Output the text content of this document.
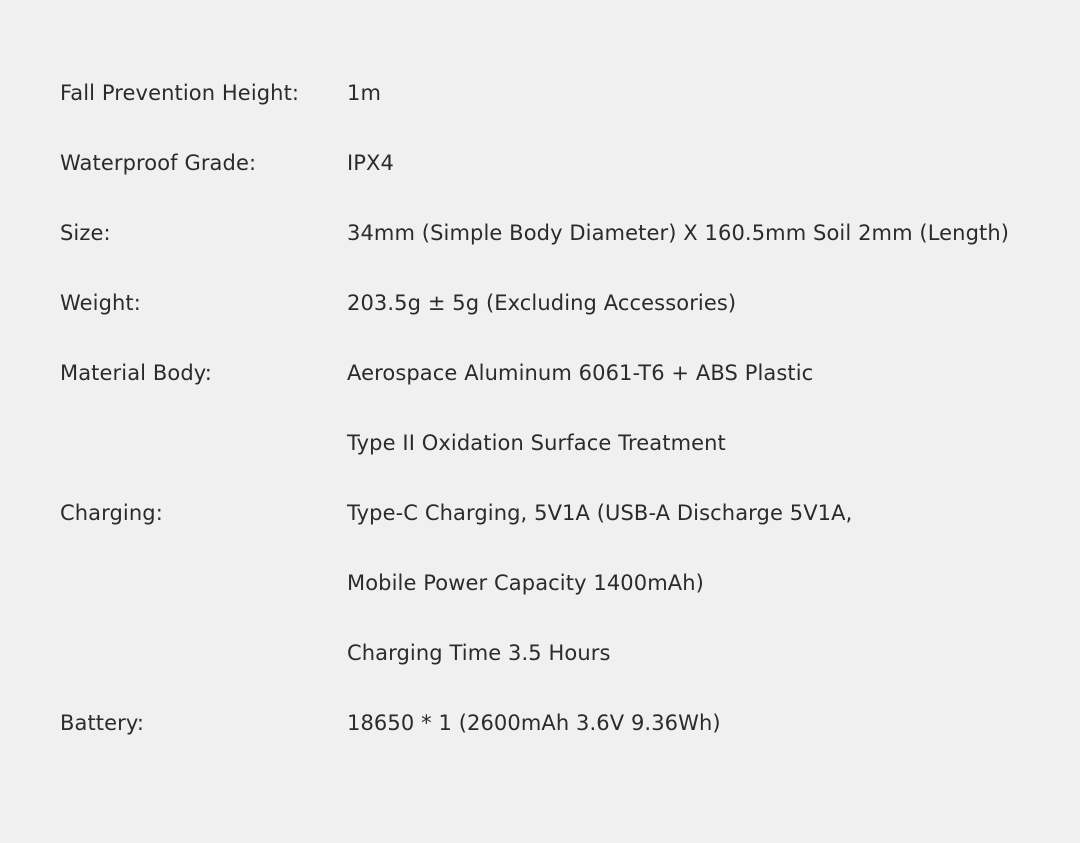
Fall Prevention Height:	1m
Waterproof Grade:	IPX4
Size:	34mm (Simple Body Diameter) X 160.5mm Soil 2mm (Length)
Weight:	203.5g ± 5g (Excluding Accessories)
Material Body:	Aerospace Aluminum 6061-T6 + ABS Plastic
Type II Oxidation Surface Treatment
Charging:	Type-C Charging, 5V1A (USB-A Discharge 5V1A,
Mobile Power Capacity 1400mAh)
Charging Time 3.5 Hours
Battery:	18650 * 1 (2600mAh 3.6V 9.36Wh)
